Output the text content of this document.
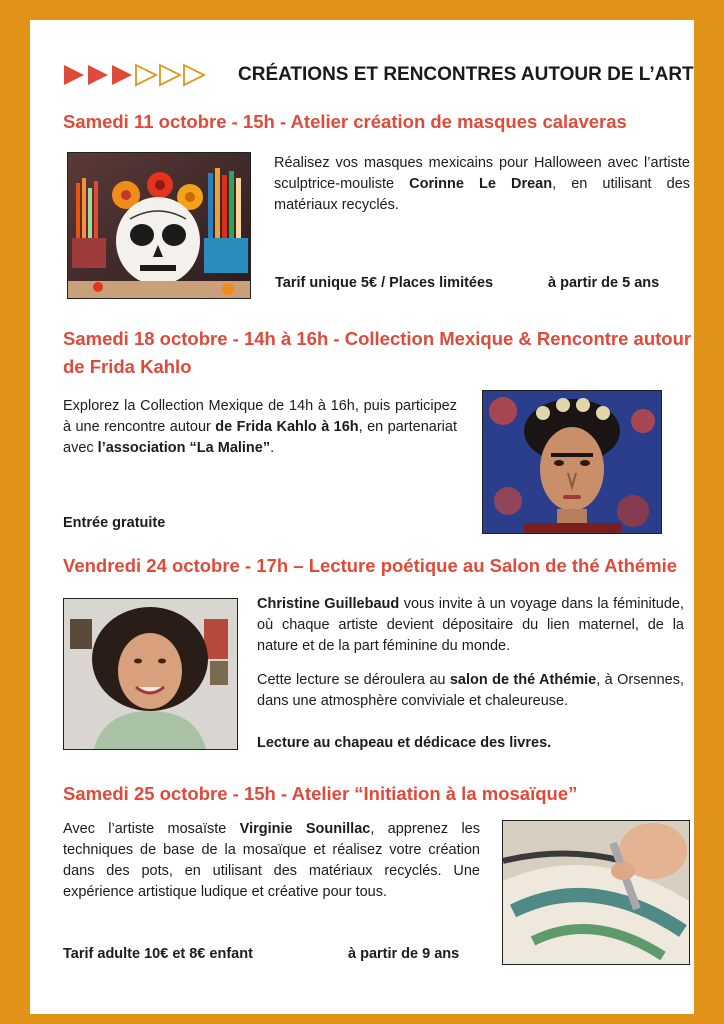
CRÉATIONS ET RENCONTRES AUTOUR DE L’ART
Samedi 11 octobre - 15h - Atelier création de masques calaveras
Réalisez vos masques mexicains pour Halloween avec l’artiste sculptrice-mouliste Corinne Le Drean, en utilisant des matériaux recyclés.
Tarif unique 5€ / Places limitées	à partir de 5 ans
Samedi 18 octobre - 14h à 16h - Collection Mexique & Rencontre autour
de Frida Kahlo
Explorez la Collection Mexique de 14h à 16h, puis participez à une rencontre autour de Frida Kahlo à 16h, en partenariat avec l’association “La Maline”.
Entrée gratuite
Vendredi 24 octobre - 17h – Lecture poétique au Salon de thé Athémie
Christine Guillebaud vous invite à un voyage dans la féminitude, où chaque artiste devient dépositaire du lien maternel, de la nature et de la part féminine du monde.
Cette lecture se déroulera au salon de thé Athémie, à Orsennes, dans une atmosphère conviviale et chaleureuse.
Lecture au chapeau et dédicace des livres.
Samedi 25 octobre - 15h - Atelier “Initiation à la mosaïque”
Avec l’artiste mosaïste Virginie Sounillac, apprenez les techniques de base de la mosaïque et réalisez votre création dans des pots, en utilisant des matériaux recyclés. Une expérience artistique ludique et créative pour tous.
Tarif adulte 10€ et 8€ enfant	à partir de 9 ans
